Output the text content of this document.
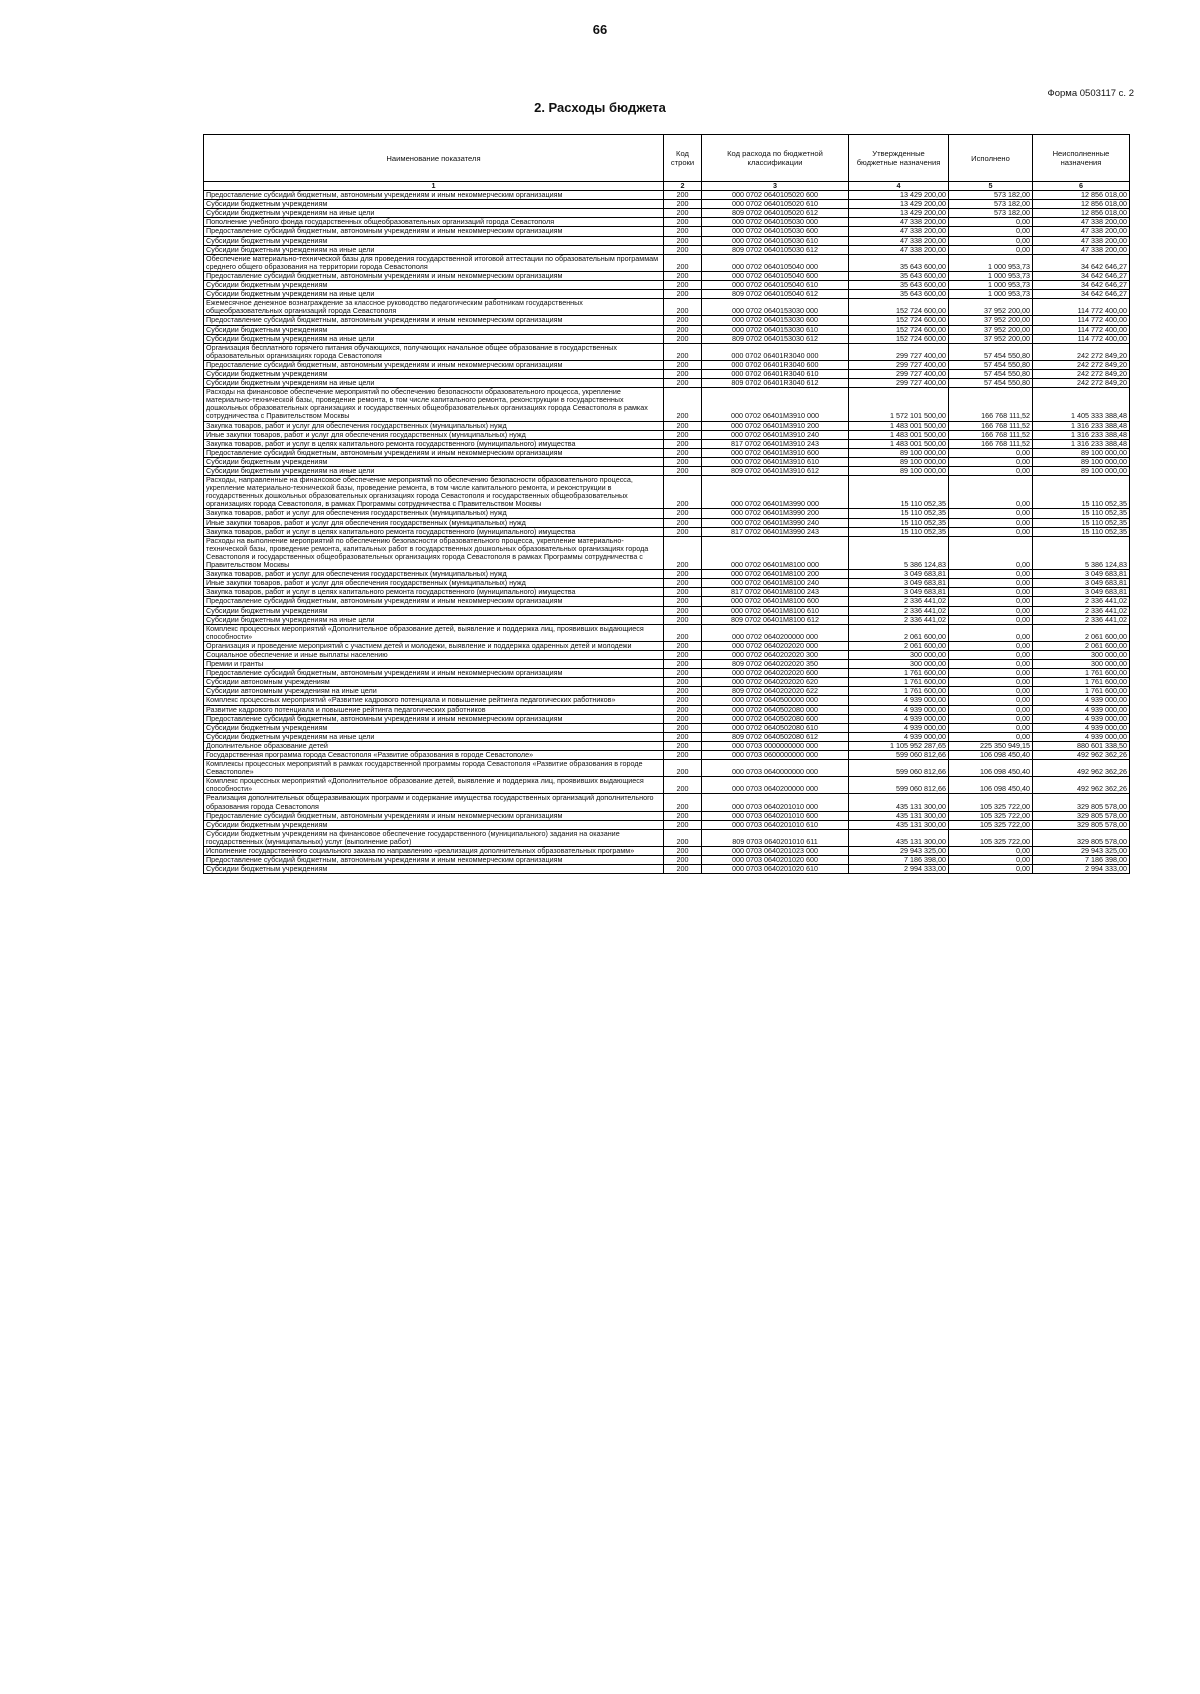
66
Форма 0503117 с. 2
2. Расходы бюджета
Наименование показателя	Код строки	Код расхода по бюджетной классификации	Утвержденные бюджетные назначения	Исполнено	Неисполненные назначения
1	2	3	4	5	6
Предоставление субсидий бюджетным, автономным учреждениям и иным некоммерческим организациям	200	000 0702 0640105020 600	13 429 200,00	573 182,00	12 856 018,00
Субсидии бюджетным учреждениям	200	000 0702 0640105020 610	13 429 200,00	573 182,00	12 856 018,00
Субсидии бюджетным учреждениям на иные цели	200	809 0702 0640105020 612	13 429 200,00	573 182,00	12 856 018,00
Пополнение учебного фонда государственных общеобразовательных организаций города Севастополя	200	000 0702 0640105030 000	47 338 200,00	0,00	47 338 200,00
Предоставление субсидий бюджетным, автономным учреждениям и иным некоммерческим организациям	200	000 0702 0640105030 600	47 338 200,00	0,00	47 338 200,00
Субсидии бюджетным учреждениям	200	000 0702 0640105030 610	47 338 200,00	0,00	47 338 200,00
Субсидии бюджетным учреждениям на иные цели	200	809 0702 0640105030 612	47 338 200,00	0,00	47 338 200,00
Обеспечение материально-технической базы для проведения государственной итоговой аттестации по образовательным программам среднего общего образования на территории города Севастополя	200	000 0702 0640105040 000	35 643 600,00	1 000 953,73	34 642 646,27
Предоставление субсидий бюджетным, автономным учреждениям и иным некоммерческим организациям	200	000 0702 0640105040 600	35 643 600,00	1 000 953,73	34 642 646,27
Субсидии бюджетным учреждениям	200	000 0702 0640105040 610	35 643 600,00	1 000 953,73	34 642 646,27
Субсидии бюджетным учреждениям на иные цели	200	809 0702 0640105040 612	35 643 600,00	1 000 953,73	34 642 646,27
Ежемесячное денежное вознаграждение за классное руководство педагогическим работникам государственных общеобразовательных организаций города Севастополя	200	000 0702 0640153030 000	152 724 600,00	37 952 200,00	114 772 400,00
Предоставление субсидий бюджетным, автономным учреждениям и иным некоммерческим организациям	200	000 0702 0640153030 600	152 724 600,00	37 952 200,00	114 772 400,00
Субсидии бюджетным учреждениям	200	000 0702 0640153030 610	152 724 600,00	37 952 200,00	114 772 400,00
Субсидии бюджетным учреждениям на иные цели	200	809 0702 0640153030 612	152 724 600,00	37 952 200,00	114 772 400,00
Организация бесплатного горячего питания обучающихся, получающих начальное общее образование в государственных образовательных организациях города Севастополя	200	000 0702 06401R3040 000	299 727 400,00	57 454 550,80	242 272 849,20
Предоставление субсидий бюджетным, автономным учреждениям и иным некоммерческим организациям	200	000 0702 06401R3040 600	299 727 400,00	57 454 550,80	242 272 849,20
Субсидии бюджетным учреждениям	200	000 0702 06401R3040 610	299 727 400,00	57 454 550,80	242 272 849,20
Субсидии бюджетным учреждениям на иные цели	200	809 0702 06401R3040 612	299 727 400,00	57 454 550,80	242 272 849,20
Расходы на финансовое обеспечение мероприятий по обеспечению безопасности образовательного процесса, укрепление материально-технической базы, проведение ремонта, в том числе капитального ремонта, реконструкции в государственных дошкольных образовательных организациях и государственных общеобразовательных организациях города Севастополя в рамках сотрудничества с Правительством Москвы	200	000 0702 06401M3910 000	1 572 101 500,00	166 768 111,52	1 405 333 388,48
Закупка товаров, работ и услуг для обеспечения государственных (муниципальных) нужд	200	000 0702 06401M3910 200	1 483 001 500,00	166 768 111,52	1 316 233 388,48
Иные закупки товаров, работ и услуг для обеспечения государственных (муниципальных) нужд	200	000 0702 06401M3910 240	1 483 001 500,00	166 768 111,52	1 316 233 388,48
Закупка товаров, работ и услуг в целях капитального ремонта государственного (муниципального) имущества	200	817 0702 06401M3910 243	1 483 001 500,00	166 768 111,52	1 316 233 388,48
Предоставление субсидий бюджетным, автономным учреждениям и иным некоммерческим организациям	200	000 0702 06401M3910 600	89 100 000,00	0,00	89 100 000,00
Субсидии бюджетным учреждениям	200	000 0702 06401M3910 610	89 100 000,00	0,00	89 100 000,00
Субсидии бюджетным учреждениям на иные цели	200	809 0702 06401M3910 612	89 100 000,00	0,00	89 100 000,00
Расходы, направленные на финансовое обеспечение мероприятий по обеспечению безопасности образовательного процесса, укрепление материально-технической базы, проведение ремонта, в том числе капитального ремонта, и реконструкции в государственных дошкольных образовательных организациях города Севастополя и государственных общеобразовательных организациях города Севастополя, в рамках Программы сотрудничества с Правительством Москвы	200	000 0702 06401M3990 000	15 110 052,35	0,00	15 110 052,35
Закупка товаров, работ и услуг для обеспечения государственных (муниципальных) нужд	200	000 0702 06401M3990 200	15 110 052,35	0,00	15 110 052,35
Иные закупки товаров, работ и услуг для обеспечения государственных (муниципальных) нужд	200	000 0702 06401M3990 240	15 110 052,35	0,00	15 110 052,35
Закупка товаров, работ и услуг в целях капитального ремонта государственного (муниципального) имущества	200	817 0702 06401M3990 243	15 110 052,35	0,00	15 110 052,35
Расходы на выполнение мероприятий по обеспечению безопасности образовательного процесса, укрепление материально-технической базы, проведение ремонта, капитальных работ в государственных дошкольных образовательных организациях города Севастополя и государственных общеобразовательных организациях города Севастополя в рамках Программы сотрудничества с Правительством Москвы	200	000 0702 06401M8100 000	5 386 124,83	0,00	5 386 124,83
Закупка товаров, работ и услуг для обеспечения государственных (муниципальных) нужд	200	000 0702 06401M8100 200	3 049 683,81	0,00	3 049 683,81
Иные закупки товаров, работ и услуг для обеспечения государственных (муниципальных) нужд	200	000 0702 06401M8100 240	3 049 683,81	0,00	3 049 683,81
Закупка товаров, работ и услуг в целях капитального ремонта государственного (муниципального) имущества	200	817 0702 06401M8100 243	3 049 683,81	0,00	3 049 683,81
Предоставление субсидий бюджетным, автономным учреждениям и иным некоммерческим организациям	200	000 0702 06401M8100 600	2 336 441,02	0,00	2 336 441,02
Субсидии бюджетным учреждениям	200	000 0702 06401M8100 610	2 336 441,02	0,00	2 336 441,02
Субсидии бюджетным учреждениям на иные цели	200	809 0702 06401M8100 612	2 336 441,02	0,00	2 336 441,02
Комплекс процессных мероприятий «Дополнительное образование детей, выявление и поддержка лиц, проявивших выдающиеся способности»	200	000 0702 0640200000 000	2 061 600,00	0,00	2 061 600,00
Организация и проведение мероприятий с участием детей и молодежи, выявление и поддержка одаренных детей и молодежи	200	000 0702 0640202020 000	2 061 600,00	0,00	2 061 600,00
Социальное обеспечение и иные выплаты населению	200	000 0702 0640202020 300	300 000,00	0,00	300 000,00
Премии и гранты	200	809 0702 0640202020 350	300 000,00	0,00	300 000,00
Предоставление субсидий бюджетным, автономным учреждениям и иным некоммерческим организациям	200	000 0702 0640202020 600	1 761 600,00	0,00	1 761 600,00
Субсидии автономным учреждениям	200	000 0702 0640202020 620	1 761 600,00	0,00	1 761 600,00
Субсидии автономным учреждениям на иные цели	200	809 0702 0640202020 622	1 761 600,00	0,00	1 761 600,00
Комплекс процессных мероприятий «Развитие кадрового потенциала и повышение рейтинга педагогических работников»	200	000 0702 0640500000 000	4 939 000,00	0,00	4 939 000,00
Развитие кадрового потенциала и повышение рейтинга педагогических работников	200	000 0702 0640502080 000	4 939 000,00	0,00	4 939 000,00
Предоставление субсидий бюджетным, автономным учреждениям и иным некоммерческим организациям	200	000 0702 0640502080 600	4 939 000,00	0,00	4 939 000,00
Субсидии бюджетным учреждениям	200	000 0702 0640502080 610	4 939 000,00	0,00	4 939 000,00
Субсидии бюджетным учреждениям на иные цели	200	809 0702 0640502080 612	4 939 000,00	0,00	4 939 000,00
Дополнительное образование детей	200	000 0703 0000000000 000	1 105 952 287,65	225 350 949,15	880 601 338,50
Государственная программа города Севастополя «Развитие образования в городе Севастополе»	200	000 0703 0600000000 000	599 060 812,66	106 098 450,40	492 962 362,26
Комплексы процессных мероприятий в рамках государственной программы города Севастополя «Развитие образования в городе Севастополе»	200	000 0703 0640000000 000	599 060 812,66	106 098 450,40	492 962 362,26
Комплекс процессных мероприятий «Дополнительное образование детей, выявление и поддержка лиц, проявивших выдающиеся способности»	200	000 0703 0640200000 000	599 060 812,66	106 098 450,40	492 962 362,26
Реализация дополнительных общеразвивающих программ и содержание имущества государственных организаций дополнительного образования города Севастополя	200	000 0703 0640201010 000	435 131 300,00	105 325 722,00	329 805 578,00
Предоставление субсидий бюджетным, автономным учреждениям и иным некоммерческим организациям	200	000 0703 0640201010 600	435 131 300,00	105 325 722,00	329 805 578,00
Субсидии бюджетным учреждениям	200	000 0703 0640201010 610	435 131 300,00	105 325 722,00	329 805 578,00
Субсидии бюджетным учреждениям на финансовое обеспечение государственного (муниципального) задания на оказание государственных (муниципальных) услуг (выполнение работ)	200	809 0703 0640201010 611	435 131 300,00	105 325 722,00	329 805 578,00
Исполнение государственного социального заказа по направлению «реализация дополнительных образовательных программ»	200	000 0703 0640201023 000	29 943 325,00	0,00	29 943 325,00
Предоставление субсидий бюджетным, автономным учреждениям и иным некоммерческим организациям	200	000 0703 0640201020 600	7 186 398,00	0,00	7 186 398,00
Субсидии бюджетным учреждениям	200	000 0703 0640201020 610	2 994 333,00	0,00	2 994 333,00
